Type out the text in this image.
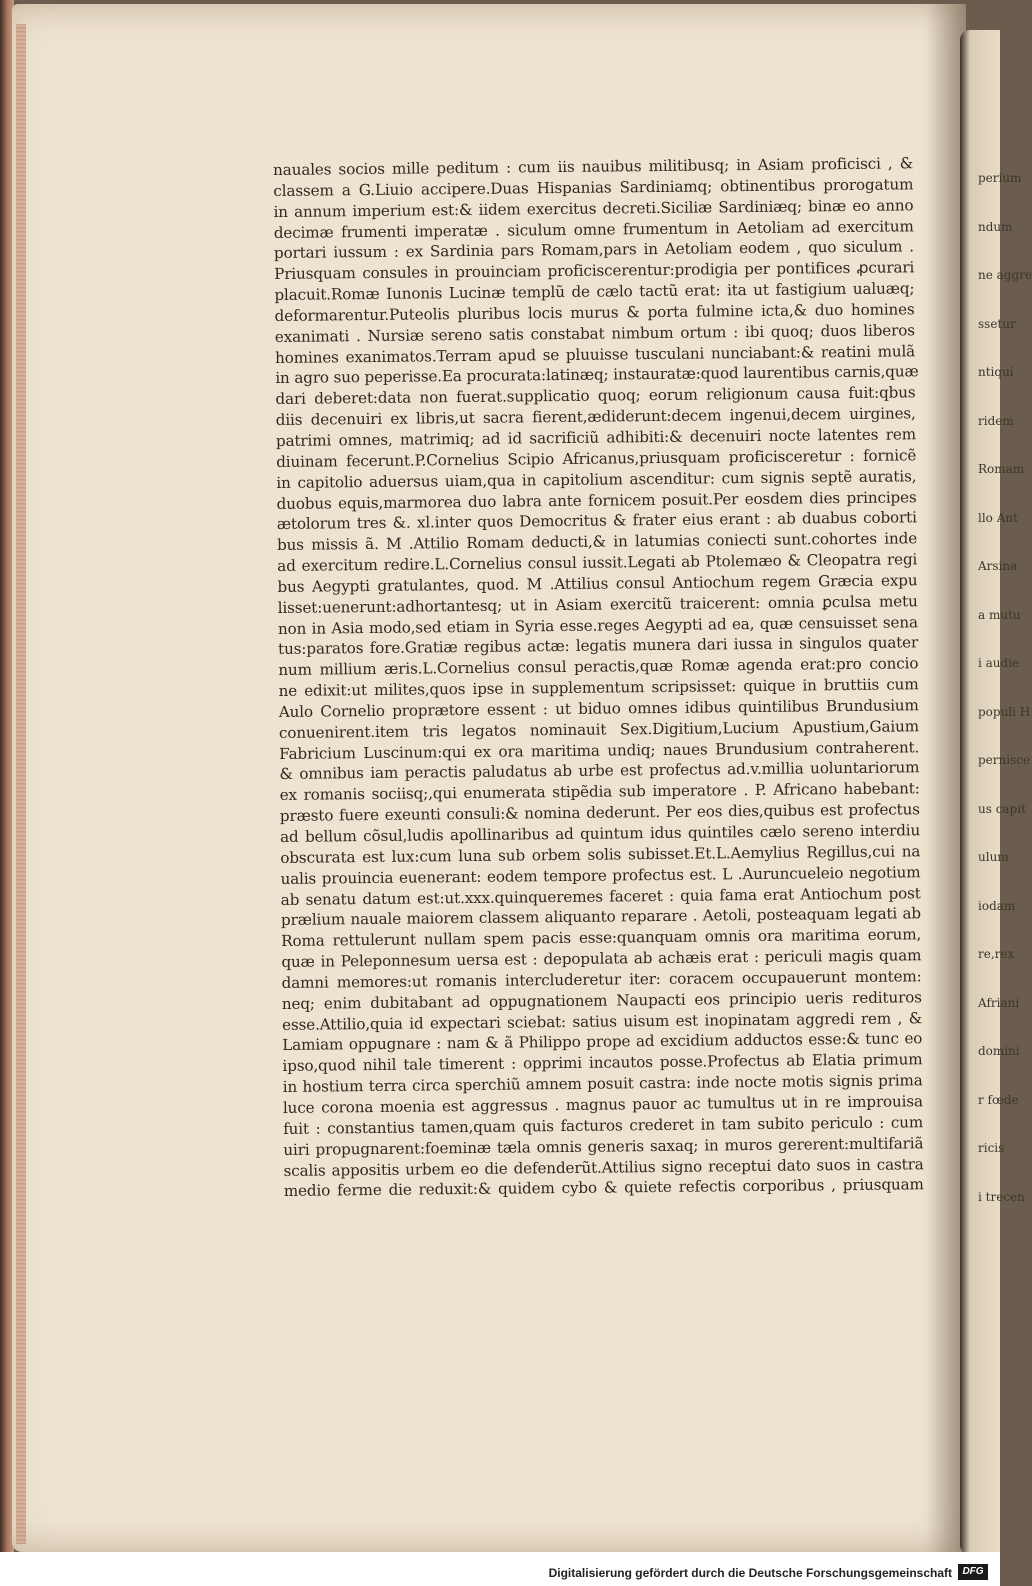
perium
ndum
ne aggre
ssetur
ntiqui
ridem
Romam
llo Ant
Arsina
a mutu
i audie
populi H
pernisce
us capit
ulum
iodam
re,rex
Afriani
domini
r fœde
ricis
i trecen
nauales socios mille peditum : cum iis nauibus militibusq; in Asiam proficisci , &
classem a G.Liuio accipere.Duas Hispanias Sardiniamq; obtinentibus prorogatum
in annum imperium est:& iidem exercitus decreti.Siciliæ Sardiniæq; binæ eo anno
decimæ frumenti imperatæ . siculum omne frumentum in Aetoliam ad exercitum
portari iussum : ex Sardinia pars Romam,pars in Aetoliam eodem , quo siculum .
Priusquam consules in prouinciam proficiscerentur:prodigia per pontifices ꝓcurari
placuit.Romæ Iunonis Lucinæ templũ de cælo tactũ erat: ita ut fastigium ualuæq;
deformarentur.Puteolis pluribus locis murus & porta fulmine icta,& duo homines
exanimati . Nursiæ sereno satis constabat nimbum ortum : ibi quoq; duos liberos
homines exanimatos.Terram apud se pluuisse tusculani nunciabant:& reatini mulã
in agro suo peperisse.Ea procurata:latinæq; instauratæ:quod laurentibus carnis,quæ
dari deberet:data non fuerat.supplicatio quoq; eorum religionum causa fuit:qbus
diis decenuiri ex libris,ut sacra fierent,ædiderunt:decem ingenui,decem uirgines,
patrimi omnes, matrimiq; ad id sacrificiũ adhibiti:& decenuiri nocte latentes rem
diuinam fecerunt.P.Cornelius Scipio Africanus,priusquam proficisceretur : fornicẽ
in capitolio aduersus uiam,qua in capitolium ascenditur: cum signis septẽ auratis,
duobus equis,marmorea duo labra ante fornicem posuit.Per eosdem dies principes
ætolorum tres &. xl.inter quos Democritus & frater eius erant : ab duabus coborti
bus missis ã. M .Attilio Romam deducti,& in latumias coniecti sunt.cohortes inde
ad exercitum redire.L.Cornelius consul iussit.Legati ab Ptolemæo & Cleopatra regi
bus Aegypti gratulantes, quod. M .Attilius consul Antiochum regem Græcia expu
lisset:uenerunt:adhortantesq; ut in Asiam exercitũ traicerent: omnia ꝑculsa metu
non in Asia modo,sed etiam in Syria esse.reges Aegypti ad ea, quæ censuisset sena
tus:paratos fore.Gratiæ regibus actæ: legatis munera dari iussa in singulos quater
num millium æris.L.Cornelius consul peractis,quæ Romæ agenda erat:pro concio
ne edixit:ut milites,quos ipse in supplementum scripsisset: quique in bruttiis cum
Aulo Cornelio proprætore essent : ut biduo omnes idibus quintilibus Brundusium
conuenirent.item tris legatos nominauit Sex.Digitium,Lucium Apustium,Gaium
Fabricium Luscinum:qui ex ora maritima undiq; naues Brundusium contraherent.
& omnibus iam peractis paludatus ab urbe est profectus ad.v.millia uoluntariorum
ex romanis sociisq;,qui enumerata stipẽdia sub imperatore . P. Africano habebant:
præsto fuere exeunti consuli:& nomina dederunt. Per eos dies,quibus est profectus
ad bellum cõsul,ludis apollinaribus ad quintum idus quintiles cælo sereno interdiu
obscurata est lux:cum luna sub orbem solis subisset.Et.L.Aemylius Regillus,cui na
ualis prouincia euenerant: eodem tempore profectus est. L .Auruncueleio negotium
ab senatu datum est:ut.xxx.quinqueremes faceret : quia fama erat Antiochum post
prælium nauale maiorem classem aliquanto reparare . Aetoli, posteaquam legati ab
Roma rettulerunt nullam spem pacis esse:quanquam omnis ora maritima eorum,
quæ in Peleponnesum uersa est : depopulata ab achæis erat : periculi magis quam
damni memores:ut romanis intercluderetur iter: coracem occupauerunt montem:
neq; enim dubitabant ad oppugnationem Naupacti eos principio ueris redituros
esse.Attilio,quia id expectari sciebat: satius uisum est inopinatam aggredi rem , &
Lamiam oppugnare : nam & ã Philippo prope ad excidium adductos esse:& tunc eo
ipso,quod nihil tale timerent : opprimi incautos posse.Profectus ab Elatia primum
in hostium terra circa sperchiũ amnem posuit castra: inde nocte motis signis prima
luce corona moenia est aggressus . magnus pauor ac tumultus ut in re improuisa
fuit : constantius tamen,quam quis facturos crederet in tam subito periculo : cum
uiri propugnarent:foeminæ tæla omnis generis saxaq; in muros gererent:multifariã
scalis appositis urbem eo die defenderũt.Attilius signo receptui dato suos in castra
medio ferme die reduxit:& quidem cybo & quiete refectis corporibus , priusquam
Digitalisierung gefördert durch die Deutsche Forschungsgemeinschaft	DFG
